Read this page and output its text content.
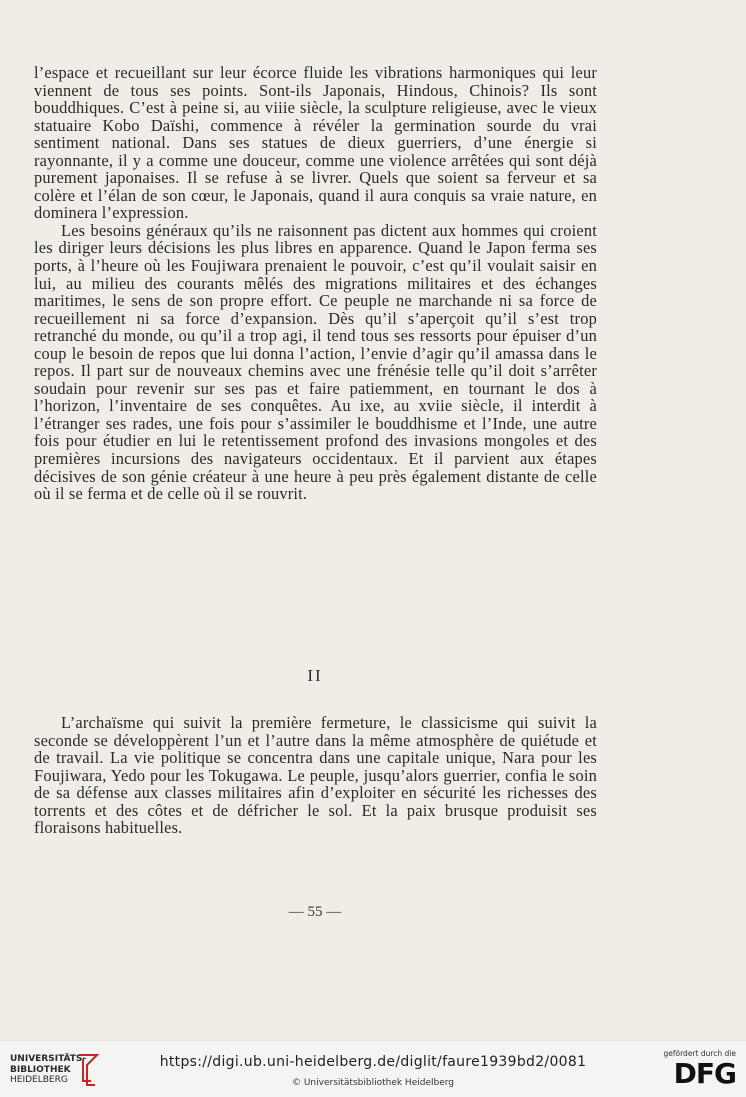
l’espace et recueillant sur leur écorce fluide les vibrations harmoniques qui leur viennent de tous ses points. Sont-ils Japonais, Hindous, Chinois? Ils sont bouddhiques. C’est à peine si, au viiie siècle, la sculpture religieuse, avec le vieux statuaire Kobo Daïshi, commence à révéler la germination sourde du vrai sentiment national. Dans ses statues de dieux guerriers, d’une énergie si rayonnante, il y a comme une douceur, comme une violence arrêtées qui sont déjà purement japonaises. Il se refuse à se livrer. Quels que soient sa ferveur et sa colère et l’élan de son cœur, le Japonais, quand il aura conquis sa vraie nature, en dominera l’expression.

Les besoins généraux qu’ils ne raisonnent pas dictent aux hommes qui croient les diriger leurs décisions les plus libres en apparence. Quand le Japon ferma ses ports, à l’heure où les Foujiwara prenaient le pouvoir, c’est qu’il voulait saisir en lui, au milieu des courants mêlés des migrations militaires et des échanges maritimes, le sens de son propre effort. Ce peuple ne marchande ni sa force de recueillement ni sa force d’expansion. Dès qu’il s’aperçoit qu’il s’est trop retranché du monde, ou qu’il a trop agi, il tend tous ses ressorts pour épuiser d’un coup le besoin de repos que lui donna l’action, l’envie d’agir qu’il amassa dans le repos. Il part sur de nouveaux chemins avec une frénésie telle qu’il doit s’arrêter soudain pour revenir sur ses pas et faire patiemment, en tournant le dos à l’horizon, l’inventaire de ses conquêtes. Au ixe, au xviie siècle, il interdit à l’étranger ses rades, une fois pour s’assimiler le bouddhisme et l’Inde, une autre fois pour étudier en lui le retentissement profond des invasions mongoles et des premières incursions des navigateurs occidentaux. Et il parvient aux étapes décisives de son génie créateur à une heure à peu près également distante de celle où il se ferma et de celle où il se rouvrit.

II

L’archaïsme qui suivit la première fermeture, le classicisme qui suivit la seconde se développèrent l’un et l’autre dans la même atmosphère de quiétude et de travail. La vie politique se concentra dans une capitale unique, Nara pour les Foujiwara, Yedo pour les Tokugawa. Le peuple, jusqu’alors guerrier, confia le soin de sa défense aux classes militaires afin d’exploiter en sécurité les richesses des torrents et des côtes et de défricher le sol. Et la paix brusque produisit ses floraisons habituelles.

— 55 —
UNIVERSITÄTS-
BIBLIOTHEK
HEIDELBERG
https://digi.ub.uni-heidelberg.de/diglit/faure1939bd2/0081
© Universitätsbibliothek Heidelberg
gefördert durch die
DFG
